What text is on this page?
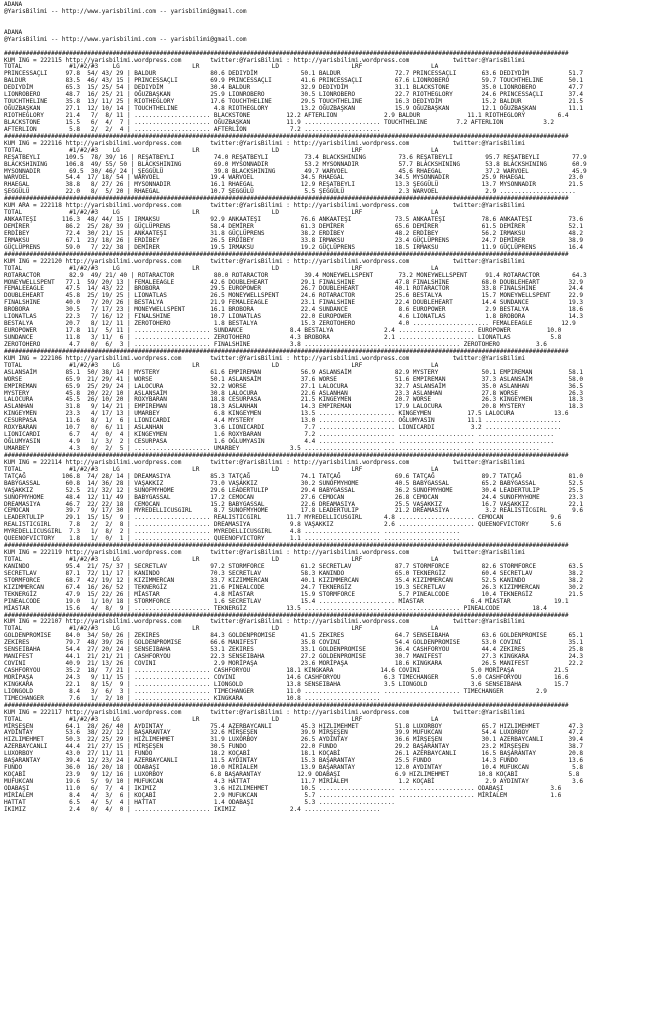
ADANA
@YarisBilimi -- http://www.yarisbilimi.com -- yarisbilimi@gmail.com

ADANA
@YarisBilimi -- http://www.yarisbilimi.com -- yarisbilimi@gmail.com

############################################################################################################################################################
KUM ING = 222115 http://yarisbilimi.wordpress.com        twitter:@YarisBilimi : http://yarisbilimi.wordpress.com            twitter:@YarisBilimi
TOTAL             #1/#2/#3    LG                    LR                    LD                    LRF                   LA
PRINCESSAÇLI     97.8  54/ 43/ 29 | BALDUR               80.6 DEDIYDİM            50.1 BALDUR               72.7 PRINCESSAÇLI       63.6 DEDIYDİM           51.7
BALDUR           83.5  46/ 43/ 15 | PRINCESSAÇLI         69.9 PRINCESSAÇLI        41.6 PRINCESSAÇLI         67.6 LIONROBERO         59.7 TOUCHTHELINE       50.1
DEDIYDİM         65.3  15/ 25/ 54 | DEDIYDİM             30.4 BALDUR              32.9 DEDIYDİM             31.1 BLACKSTONE         35.0 LIONROBERO         47.7
LIONROBERO       48.7  16/ 25/ 21 | OĞUZBAŞKAN           25.9 LIONROBERO          30.5 LIONROBERO           22.7 RIOTHEGLORY        24.6 PRINCESSAÇLI       37.4
TOUCHTHELINE     35.8  13/ 11/ 25 | RIOTHEGLORY          17.6 TOUCHTHELINE        29.5 TOUCHTHELINE         16.3 DEDIYDİM           15.2 BALDUR             21.5
OĞUZBAŞKAN       27.1  12/ 10/ 14 | TOUCHTHELINE          4.8 RIOTHEGLORY         13.2 OĞUZBAŞKAN           15.9 OĞUZBAŞKAN         12.1 OĞUZBAŞKAN         11.1
RIOTHEGLORY      21.4   7/  8/ 11 | ..................... BLACKSTONE          12.2 AFTERLION             2.9 BALDUR             11.1 RIOTHEGLORY         6.4
BLACKSTONE       15.5   6/  4/  7 | ..................... OĞUZBAŞKAN          11.9 ..................... TOUCHTHELINE        7.2 AFTERLION           3.2
AFTERLION         5.8   2/  2/  4 | ..................... AFTERLION            7.2 .....................
############################################################################################################################################################
KUM ING = 222116 http://yarisbilimi.wordpress.com        twitter:@YarisBilimi : http://yarisbilimi.wordpress.com            twitter:@YarisBilimi
TOTAL             #1/#2/#3    LG                    LR                    LD                    LRF                   LA
REŞATBEYLI       109.5  78/ 39/ 16 | REŞATBEYLI           74.0 REŞATBEYLI          73.4 BLACKSHINING         73.6 REŞATBEYLI         95.7 REŞATBEYLI         77.9
BLACKSHINING     106.8  49/ 55/ 50 | BLACKSHINING         69.0 MYSONNADIR          53.2 MYSONNADIR           57.7 BLACKSHINING       53.8 BLACKSHINING       60.9
MYSONNADIR        69.5  30/ 46/ 24 | ŞEGGÜLÜ              39.8 BLACKSHINING        49.7 WARVOEL              45.6 RHAEGAL            37.2 WARVOEL            45.9
WARVOEL          54.4  17/ 18/ 54 | WARVOEL              19.4 WARVOEL             34.5 RHAEGAL              34.5 MYSONNADIR         25.9 RHAEGAL            23.0
RHAEGAL          38.8   8/ 27/ 26 | MYSONNADIR           16.1 RHAEGAL             12.9 REŞATBEYLI           13.3 ŞEGGÜLÜ            13.7 MYSONNADIR         21.5
ŞEGGÜLÜ          22.0   8/  5/ 20 | RHAEGAL              10.7 ŞEGGÜLÜ              5.5 ŞEGGÜLÜ               2.3 WARVOEL             2.9 .....................
############################################################################################################################################################
KUM ARA = 222118 http://yarisbilimi.wordpress.com        twitter:@YarisBilimi : http://yarisbilimi.wordpress.com            twitter:@YarisBilimi
TOTAL             #1/#2/#3    LG                    LR                    LD                    LRF                   LA
ANKAATEŞI       116.3  48/ 44/ 15 | IRMAKSU              92.9 ANKAATEŞI           76.6 ANKAATEŞI            73.5 ANKAATEŞI          78.6 ANKAATEŞI          73.6
DEMİRER          86.2  25/ 28/ 39 | GÜÇLÜPRENS           58.4 DEMİRER             61.3 DEMİRER              65.6 DEMİRER            61.5 DEMİRER            52.1
ERDİBEY          72.4  30/ 21/ 15 | ANKAATEŞI            31.8 GÜÇLÜPRENS          38.2 ERDİBEY              48.2 ERDİBEY            56.2 IRMAKSU            48.2
IRMAKSU          67.1  23/ 18/ 26 | ERDİBEY              26.5 ERDİBEY             33.8 IRMAKSU              23.4 GÜÇLÜPRENS         24.7 DEMİRER            38.9
GÜÇLÜPRENS       59.0   7/ 22/ 38 | DEMİRER              19.5 IRMAKSU             19.2 GÜÇLÜPRENS           18.5 IRMAKSU            11.9 GÜÇLÜPRENS         16.4
############################################################################################################################################################
KUM ING = 222120 http://yarisbilimi.wordpress.com        twitter:@YarisBilimi : http://yarisbilimi.wordpress.com            twitter:@YarisBilimi
TOTAL             #1/#2/#3    LG                    LR                    LD                    LRF                   LA
ROTARACTOR        82.9  49/ 21/ 40 | ROTARACTOR           80.0 ROTARACTOR          39.4 MONEYWELLSPENT       73.2 MONEYWELLSPENT     91.4 ROTARACTOR         64.3
MONEYWELLSPENT   77.1  59/ 20/ 13 | FEMALEEAGLE          42.6 DOUBLEHEART         29.1 FINALSHINE           47.8 FINALSHINE         68.0 DOUBLEHEART        32.9
FEMALEEAGLE      47.5  14/ 43/ 22 | BROBORA              29.5 EUROPOWER           26.7 DOUBLEHEART          40.1 ROTARACTOR         33.8 FINALSHINE         24.4
DOUBLEHEART      45.8  25/ 19/ 25 | LIONATLAS            26.5 MONEYWELLSPENT      24.6 ROTARACTOR           25.6 BESTALYA           15.7 MONEYWELLSPENT     22.9
FINALSHINE       40.0   7/ 20/ 26 | BESTALYA             21.9 FEMALEEAGLE         23.1 FINALSHINE           22.4 DOUBLEHEART        14.4 SUNDANCE           19.3
BROBORA          30.5   7/ 17/ 23 | MONEYWELLSPENT       16.1 BROBORA             22.4 SUNDANCE              8.6 EUROPOWER           2.9 BESTALYA           18.6
LIONATLAS        22.3   7/ 16/ 12 | FINALSHINE           10.7 LIONATLAS           22.0 EUROPOWER             4.6 LIONATLAS           1.8 BROBORA            14.3
BESTALYA         20.7   8/ 12/ 11 | ZEROTOHERO            1.8 BESTALYA            15.3 ZEROTOHERO            4.0 ..................... FEMALEEAGLE        12.9
EUROPOWER        17.8  11/  5/ 11 | ..................... SUNDANCE             8.4 BESTALYA              2.4 ..................... EUROPOWER          10.0
SUNDANCE         11.8   3/ 11/  6 | ..................... ZEROTOHERO           4.3 BROBORA               2.1 ..................... LIONATLAS           5.8
ZEROTOHERO        4.7   0/  6/  3 | ..................... FINALSHINE           3.8 ..................... ..................... ZEROTOHERO          3.6
############################################################################################################################################################
KUM ING = 222106 http://yarisbilimi.wordpress.com        twitter:@YarisBilimi : http://yarisbilimi.wordpress.com            twitter:@YarisBilimi
TOTAL             #1/#2/#3    LG                    LR                    LD                    LRF                   LA
ASLANSAİM        85.1  50/ 38/ 14 | MYSTERY              61.6 EMPIREMAN           56.9 ASLANSAİM            82.9 MYSTERY            50.1 EMPIREMAN          58.1
WORSE            65.9  21/ 29/ 41 | WORSE                50.1 ASLANSAİM           37.6 WORSE                51.6 EMPIREMAN          37.3 ASLANSAİM          58.0
EMPIREMAN        65.9  25/ 29/ 24 | LALOCURA             32.2 WORSE               27.1 LALOCURA             32.7 ASLANSAİM          35.0 ASLANHAN           36.5
MYSTERY          45.8  20/ 22/ 10 | ASLANSAİM            30.8 LALOCURA            22.6 ASLANHAN             23.3 ASLANHAN           27.8 WORSE              26.3
LALOCURA         45.5  26/ 10/ 20 | ROXYBARAN            18.8 CESURPASA           21.5 KINGEYMEN            20.7 WORSE              26.3 KINGEYMEN          18.3
ASLANHAN         31.8   9/ 14/ 21 | EMPIREMAN            18.3 ASLANHAN            14.3 EMPIREMAN            17.9 LALOCURA           20.8 MYSTERY            18.3
KINGEYMEN        23.3   4/ 17/ 13 | UMARBEY               6.8 KINGEYMEN           13.5 ..................... KINGEYMEN          17.5 LALOCURA           13.6
CESURPASA        11.6   8/  1/  6 | LIONICARDI            4.4 MYSTERY             13.0 ..................... OĞLUMYASIN         11.1 .....................
ROXYBARAN        10.7   0/  6/ 11 | ASLANHAN              3.6 LIONICARDI           7.7 ..................... LIONICARDI          3.2 .....................
LIONICARDI        6.7   4/  0/  4 | KINGEYMEN             1.6 ROXYBARAN            7.2 ..................... ..................... .....................
OĞLUMYASIN        4.9   1/  3/  2 | CESURPASA             1.6 OĞLUMYASIN           4.4 ..................... ..................... .....................
UMARBEY           4.3   0/  2/  5 | ..................... UMARBEY              3.5 ..................... ..................... .....................
############################################################################################################################################################
KUM ING = 222114 http://yarisbilimi.wordpress.com        twitter:@YarisBilimi : http://yarisbilimi.wordpress.com            twitter:@YarisBilimi
TOTAL             #1/#2/#3    LG                    LR                    LD                    LRF                   LA
TATÇAĞ          106.8  74/ 28/ 14 | DREAMASIYA           85.3 TATÇAĞ              74.1 TATÇAĞ               69.6 TATÇAĞ             89.7 TATÇAĞ             81.0
BABYGASSAL       60.8  14/ 36/ 28 | VAŞAKKIZ             73.0 VAŞAKKIZ            30.2 SUNOFMYHOME          40.5 BABYGASSAL         65.2 BABYGASSAL         52.5
VAŞAKKIZ         52.5  21/ 32/ 12 | SUNOFMYHOME          29.6 LEADERTULIP         29.4 BABYGASSAL           36.2 SUNOFMYHOME        30.4 LEADERTULIP        25.5
SUNOFMYHOME      48.4  12/ 11/ 49 | BABYGASSAL           17.2 CEMOCAN             27.6 CEMOCAN              26.8 CEMOCAN            24.4 SUNOFMYHOME        23.3
DREAMASIYA       46.7  22/ 22/ 18 | CEMOCAN              15.2 BABYGASSAL          22.6 DREAMASIYA           25.5 VAŞAKKIZ           16.7 VAŞAKKIZ           22.1
CEMOCAN          39.7   9/ 17/ 30 | MYREDELLICUSGIRL      8.7 SUNOFMYHOME         17.8 LEADERTULIP          21.2 DREAMASIYA          3.2 REALISTICGIRL       9.6
LEADERTULIP      29.1  15/ 15/  9 | ..................... REALISTICGIRL       11.7 MYREDELLICUSGIRL      4.8 ..................... CEMOCAN             9.6
REALISTICGIRL     7.8   2/  2/  8 | ..................... DREAMASIYA           9.8 VAŞAKKIZ              2.6 ..................... QUEENOFVICTORY      5.6
MYREDELLICUSGIRL  7.3   1/  8/  2 | ..................... MYREDELLICUSGIRL     4.8 ..................... .....................
QUEENOFVICTORY    1.8   1/  0/  1 | ..................... QUEENOFVICTORY       1.1 ..................... .....................
############################################################################################################################################################
KUM ING = 222119 http://yarisbilimi.wordpress.com        twitter:@YarisBilimi : http://yarisbilimi.wordpress.com            twitter:@YarisBilimi
TOTAL             #1/#2/#3    LG                    LR                    LD                    LRF                   LA
KANINDO          95.4  21/ 75/ 37 | SECRETLAV            97.2 STORMFORCE          61.2 SECRETLAV            87.7 STORMFORCE         82.6 STORMFORCE         63.5
SECRETLAV        87.1  72/ 11/ 17 | KANINDO              70.3 SECRETLAV           58.3 KANINDO              65.0 TEKNERGİZ          60.4 SECRETLAV          38.2
STORMFORCE       68.7  42/ 19/ 12 | KIZIMMERCAN          33.7 KIZIMMERCAN         40.1 KIZIMMERCAN          35.4 KIZIMMERCAN        52.5 KANINDO            38.2
KIZIMMERCAN      67.4  16/ 26/ 52 | TEKNERGİZ            21.6 PINEALCODE          24.7 TEKNERGİZ            19.3 SECRETLAV          26.3 KIZIMMERCAN        30.2
TEKNERGİZ        47.9  15/ 22/ 26 | MİASTAR               4.8 MİASTAR             15.9 STORMFORCE            5.7 PINEALCODE         10.4 TEKNERGİZ          21.5
PINEALCODE       19.0   1/ 10/ 18 | STORMFORCE            1.6 SECRETLAV           15.4 ..................... MİASTAR             6.4 MİASTAR            19.1
MİASTAR          15.6   4/  8/  9 | ..................... TEKNERGİZ           13.5 ..................... ..................... PINEALCODE         18.4
############################################################################################################################################################
KUM ING = 222107 http://yarisbilimi.wordpress.com        twitter:@YarisBilimi : http://yarisbilimi.wordpress.com            twitter:@YarisBilimi
TOTAL             #1/#2/#3    LG                    LR                    LD                    LRF                   LA
GOLDENPROMISE    84.0  34/ 50/ 26 | ZEKIRES              84.3 GOLDENPROMISE       41.5 ZEKIRES              64.7 SENSEIBAHA         63.6 GOLDENPROMISE      65.1
ZEKIRES          79.7  48/ 39/ 26 | GOLDENPROMISE        66.6 MANIFEST            35.8 COVINI               54.4 GOLDENPROMISE      53.0 COVINI             35.1
SENSEIBAHA       54.4  27/ 20/ 24 | SENSEIBAHA           53.1 ZEKIRES             33.1 GOLDENPROMISE        36.4 CASHFORYOU         44.4 ZEKIRES            25.8
MANIFEST         44.1  21/ 21/ 21 | CASHFORYOU           22.3 SENSEIBAHA          27.2 GOLDENPROMISE        30.7 MANIFEST           27.3 KINGKARA           24.3
COVINI           40.9  21/ 13/ 26 | COVINI                2.9 MORİPAŞA            23.6 MORİPAŞA             18.6 KINGKARA           26.5 MANIFEST           22.2
CASHFORYOU       35.2  18/  7/ 21 | ..................... CASHFORYOU          18.1 KINGKARA             14.6 COVINI              5.0 MORİPAŞA           21.5
MORİPAŞA         24.3   9/ 11/ 15 | ..................... COVINI              14.6 CASHFORYOU            6.3 TIMECHANGER         5.0 CASHFORYOU         16.6
KINGKARA         22.1   8/ 15/  9 | ..................... LIONGOLD            13.8 SENSEIBAHA            3.5 LIONGOLD            3.6 SENSEIBAHA         15.7
LIONGOLD          8.4   3/  6/  3 | ..................... TIMECHANGER         11.0 ..................... ..................... TIMECHANGER         2.9
TIMECHANGER       7.6   1/  2/ 10 | ..................... KINGKARA            10.8 .....................
############################################################################################################################################################
KUM ING = 222117 http://yarisbilimi.wordpress.com        twitter:@YarisBilimi : http://yarisbilimi.wordpress.com            twitter:@YarisBilimi
TOTAL             #1/#2/#3    LG                    LR                    LD                    LRF                   LA
MİRŞEŞEN         64.1  28/ 26/ 40 | AYDINTAY             75.4 AZERBAYCANLI        45.3 HIZLIMEHMET          51.8 LUXORBOY           65.7 HIZLIMEHMET        47.3
AYDINTAY         53.6  38/ 22/ 12 | BAŞARANTAY           32.6 MİRŞEŞEN            39.9 MİRŞEŞEN             39.9 MUFUKCAN           54.4 LUXORBOY           47.2
HIZLIMEHMET      50.3  22/ 25/ 29 | HIZLIMEHMET          31.9 LUXORBOY            26.5 AYDINTAY             36.6 MİRŞEŞEN           30.1 AZERBAYCANLI       39.4
AZERBAYCANLI     44.4  21/ 27/ 15 | MİRŞEŞEN             30.5 FUNDO               22.0 FUNDO                29.2 BAŞARANTAY         23.2 MİRŞEŞEN           38.7
LUXORBOY         43.0  27/ 11/ 11 | FUNDO                18.2 KOÇABİ              18.1 KOÇABİ               26.1 AZERBAYCANLI       16.5 BAŞARANTAY         20.8
BAŞARANTAY       39.4  12/ 23/ 24 | AZERBAYCANLI         11.5 AYDINTAY            15.3 BAŞARANTAY           25.5 FUNDO              14.3 FUNDO              13.6
FUNDO            36.0  16/ 20/ 18 | ODABAŞI              10.0 MİRİALEM            13.9 BAŞARANTAY           12.0 AYDINTAY           10.4 MUFUKCAN            5.8
KOÇABİ           23.9   9/ 12/ 16 | LUXORBOY             6.8 BAŞARANTAY          12.9 ODABAŞI               6.9 HIZLIMEHMET        10.8 KOÇABİ              5.8
MUFUKCAN         19.6   5/  9/ 10 | MUFUKCAN              4.3 HATTAT              11.7 MİRİALEM              1.2 KOÇABİ              2.9 AYDINTAY            3.6
ODABAŞI          11.0   6/  7/  4 | IKIMIZ                3.6 HIZLIMEHMET         10.5 ..................... ..................... ODABAŞI             3.6
MİRİALEM          8.4   4/  3/  6 | KOÇABİ                2.9 MUFUKCAN             5.7 ..................... ..................... MİRİALEM            1.6
HATTAT            6.5   4/  5/  4 | HATTAT                1.4 ODABAŞI              5.3 .....................
IKIMIZ            2.4   0/  4/  0 | ..................... IKIMIZ               2.4 .....................
